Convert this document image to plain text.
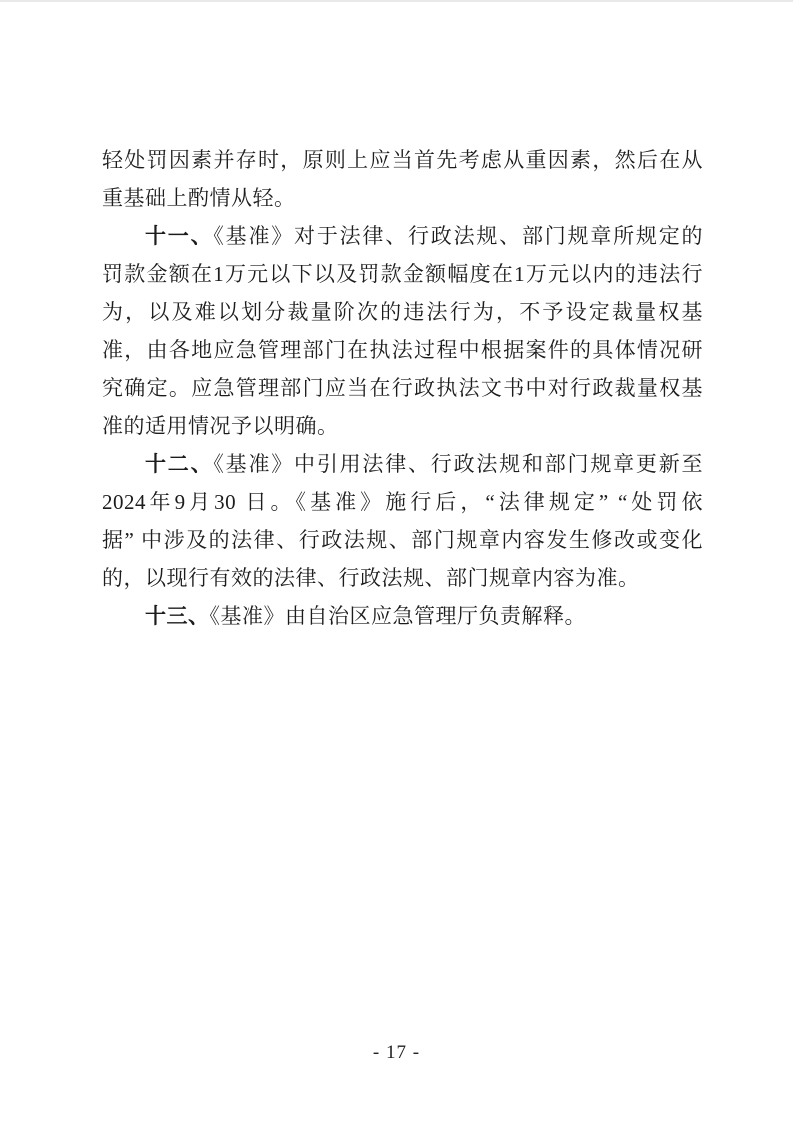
轻处罚因素并存时，原则上应当首先考虑从重因素，然后在从
重基础上酌情从轻。
十一、《基准》对于法律、行政法规、部门规章所规定的
罚款金额在1万元以下以及罚款金额幅度在1万元以内的违法行
为，以及难以划分裁量阶次的违法行为，不予设定裁量权基
准，由各地应急管理部门在执法过程中根据案件的具体情况研
究确定。应急管理部门应当在行政执法文书中对行政裁量权基
准的适用情况予以明确。
十二、《基准》中引用法律、行政法规和部门规章更新至
2024年9月30 日。《基准》施行后，“法律规定” “处罚依
据” 中涉及的法律、行政法规、部门规章内容发生修改或变化
的，以现行有效的法律、行政法规、部门规章内容为准。
十三、《基准》由自治区应急管理厅负责解释。
- 17 -
